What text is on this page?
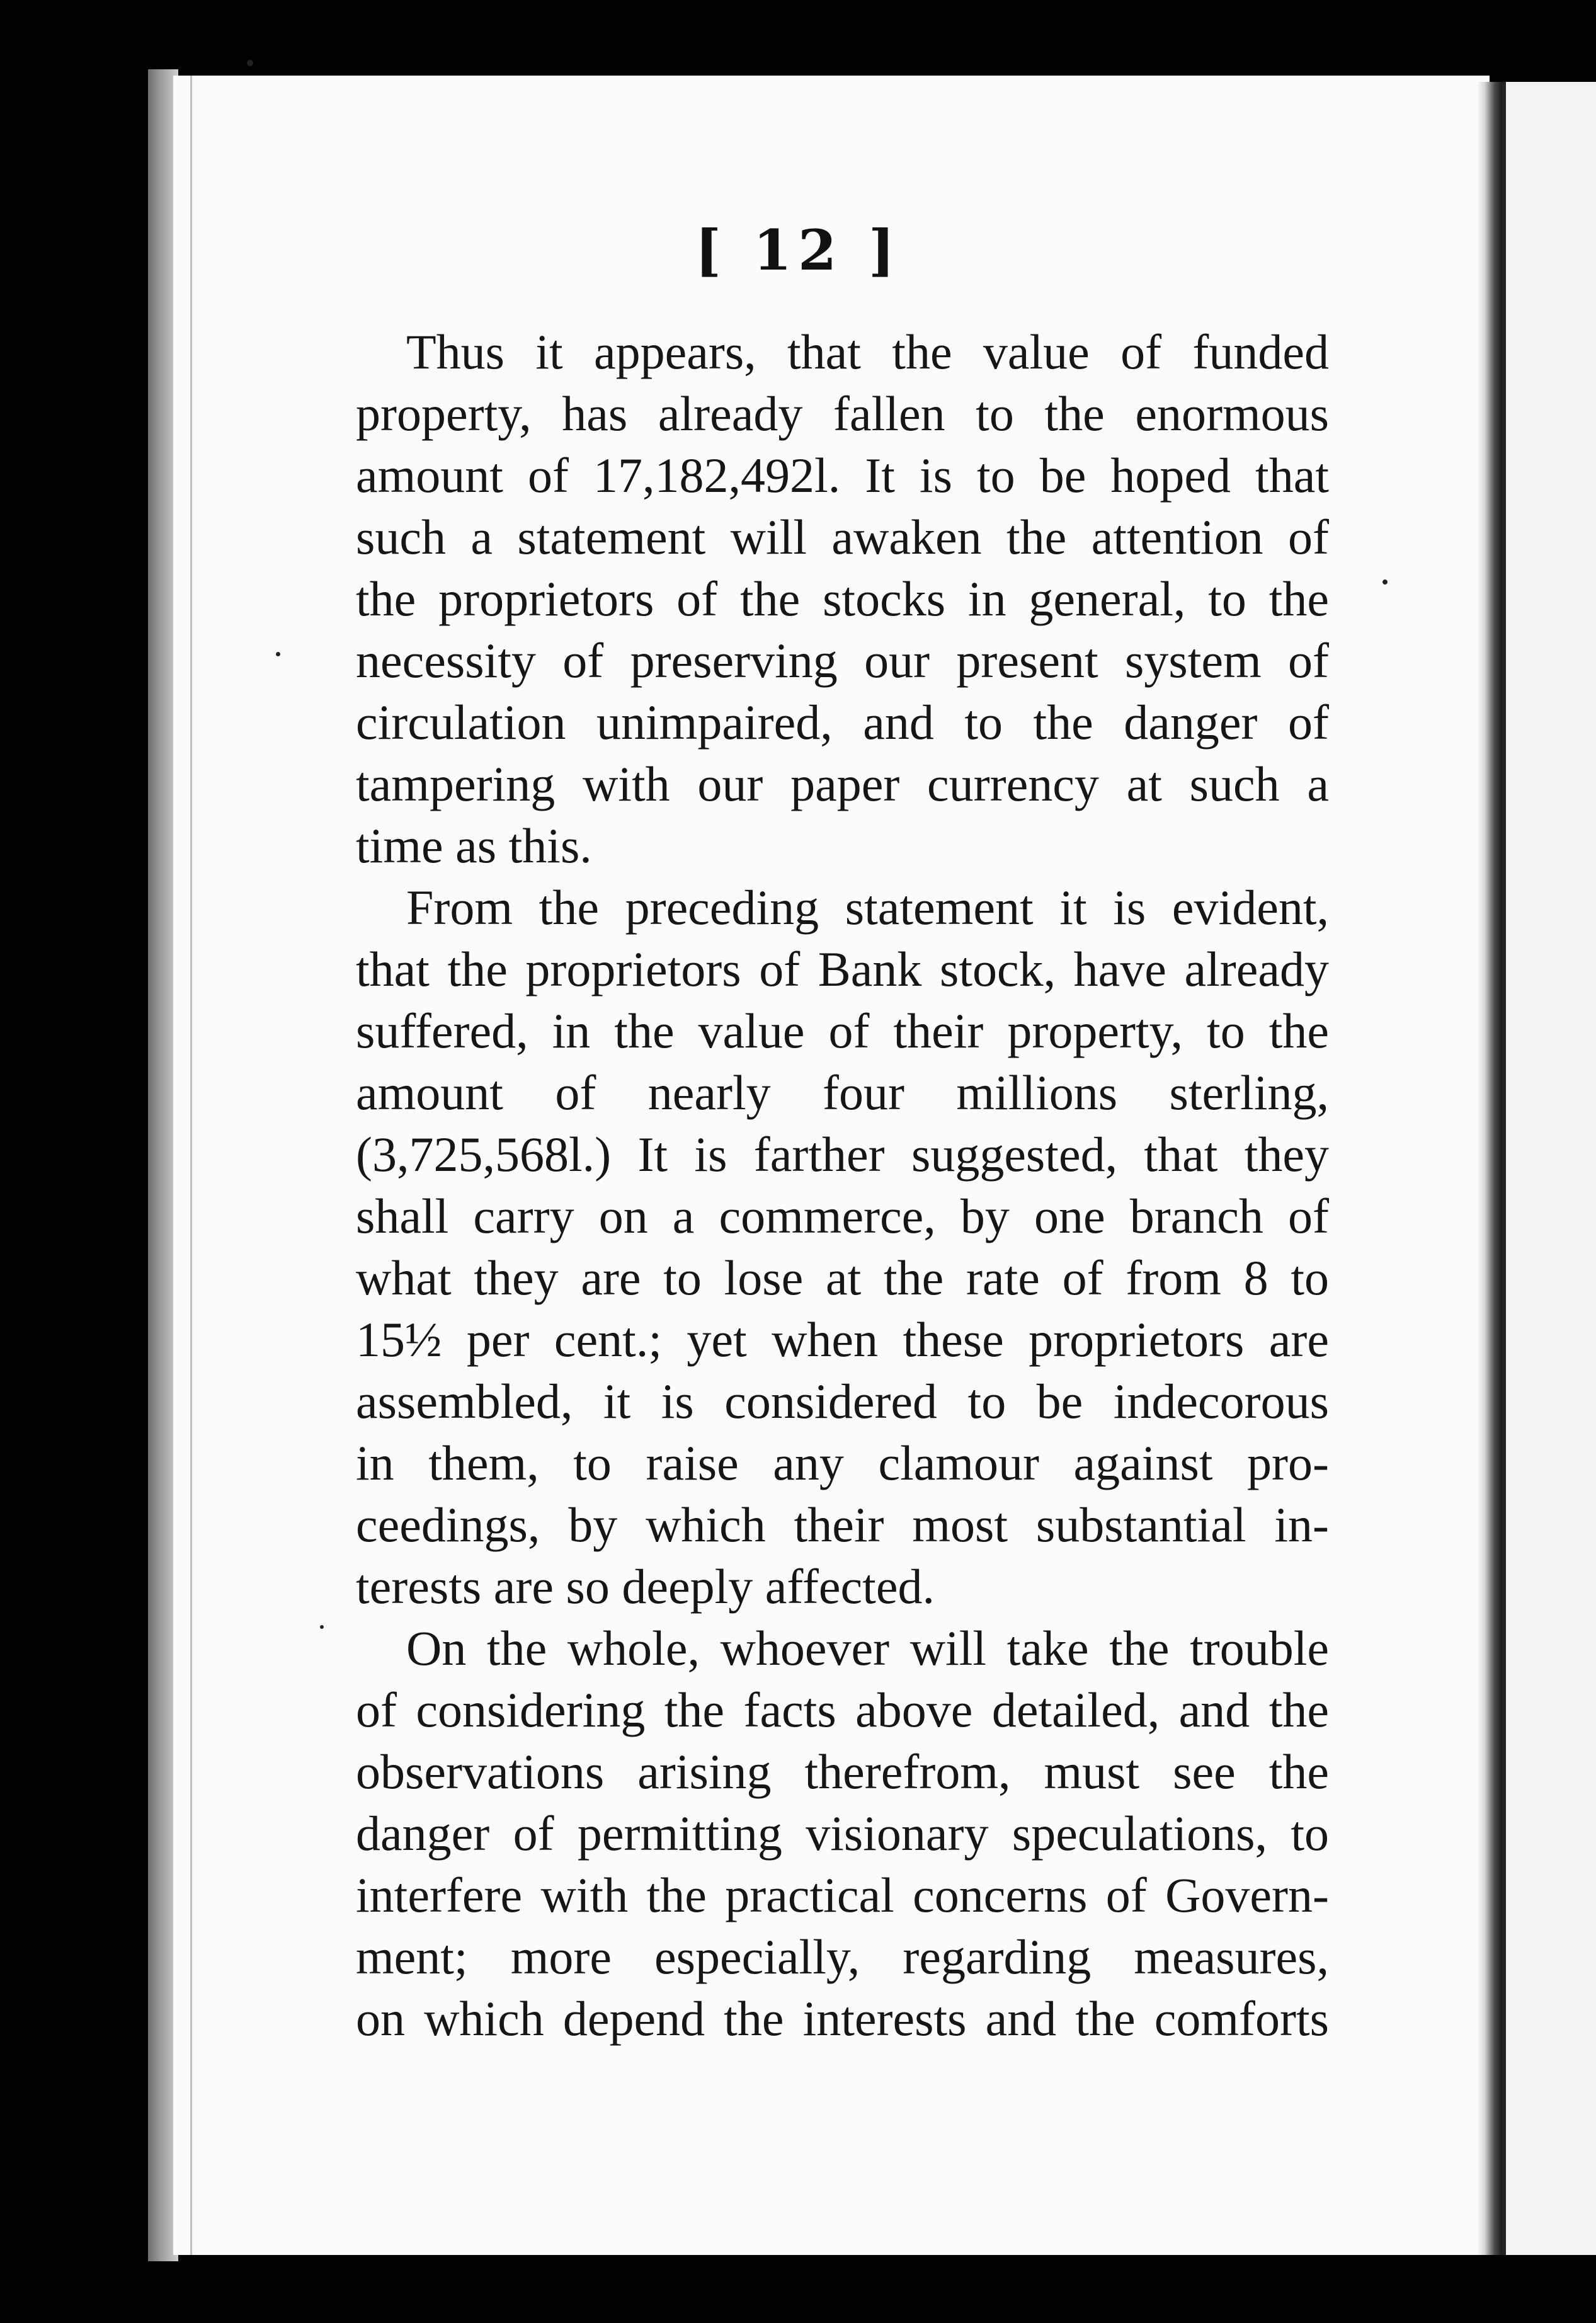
[ 12 ]
Thus it appears, that the value of funded
property, has already fallen to the enormous
amount of 17,182,492l. It is to be hoped that
such a statement will awaken the attention of
the proprietors of the stocks in general, to the
necessity of preserving our present system of
circulation unimpaired, and to the danger of
tampering with our paper currency at such a
time as this.
From the preceding statement it is evident,
that the proprietors of Bank stock, have already
suffered, in the value of their property, to the
amount of nearly four millions sterling,
(3,725,568l.) It is farther suggested, that they
shall carry on a commerce, by one branch of
what they are to lose at the rate of from 8 to
15½ per cent.; yet when these proprietors are
assembled, it is considered to be indecorous
in them, to raise any clamour against pro-
ceedings, by which their most substantial in-
terests are so deeply affected.
On the whole, whoever will take the trouble
of considering the facts above detailed, and the
observations arising therefrom, must see the
danger of permitting visionary speculations, to
interfere with the practical concerns of Govern-
ment; more especially, regarding measures,
on which depend the interests and the comforts
